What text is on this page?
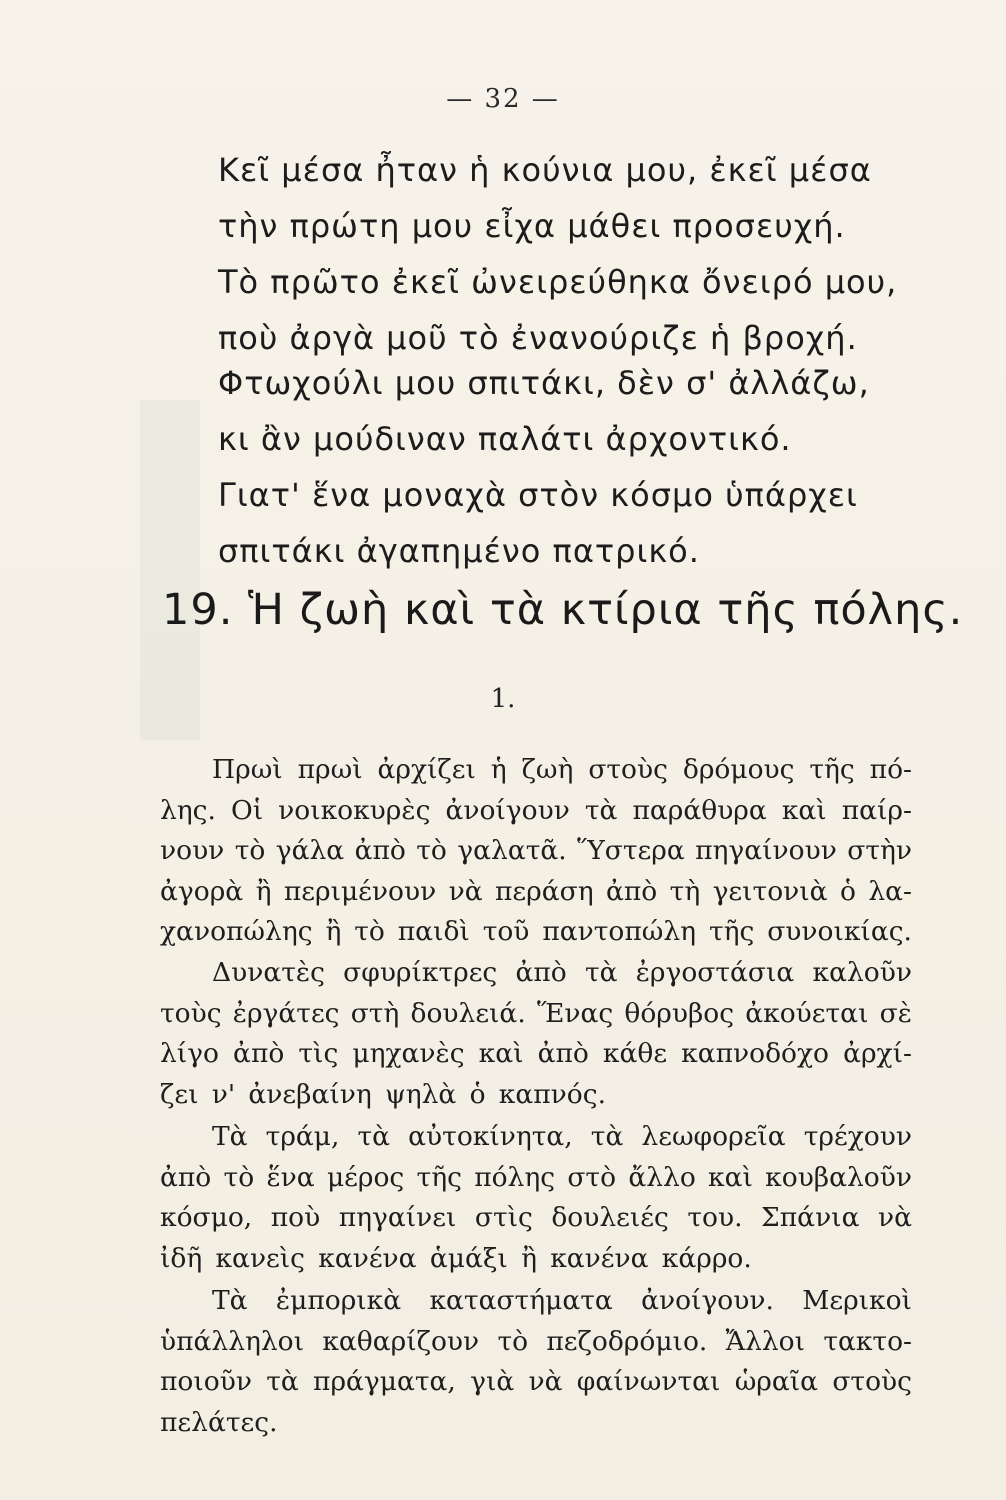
— 32 —
Κεῖ μέσα ἦταν ἡ κούνια μου, ἐκεῖ μέσα
τὴν πρώτη μου εἶχα μάθει προσευχή.
Τὸ πρῶτο ἐκεῖ ὠνειρεύθηκα ὄνειρό μου,
ποὺ ἀργὰ μοῦ τὸ ἐνανούριζε ἡ βροχή.
Φτωχούλι μου σπιτάκι, δὲν σ' ἀλλάζω,
κι ἂν μούδιναν παλάτι ἀρχοντικό.
Γιατ' ἕνα μοναχὰ στὸν κόσμο ὑπάρχει
σπιτάκι ἀγαπημένο πατρικό.
19. Ἡ ζωὴ καὶ τὰ κτίρια τῆς πόλης.
1.
Πρωὶ πρωὶ ἀρχίζει ἡ ζωὴ στοὺς δρόμους τῆς πό-
λης. Οἱ νοικοκυρὲς ἀνοίγουν τὰ παράθυρα καὶ παίρ-
νουν τὸ γάλα ἀπὸ τὸ γαλατᾶ. Ὕστερα πηγαίνουν στὴν
ἀγορὰ ἢ περιμένουν νὰ περάση ἀπὸ τὴ γειτονιὰ ὁ λα-
χανοπώλης ἢ τὸ παιδὶ τοῦ παντοπώλη τῆς συνοικίας.
Δυνατὲς σφυρίκτρες ἀπὸ τὰ ἐργοστάσια καλοῦν
τοὺς ἐργάτες στὴ δουλειά. Ἕνας θόρυβος ἀκούεται σὲ
λίγο ἀπὸ τὶς μηχανὲς καὶ ἀπὸ κάθε καπνοδόχο ἀρχί-
ζει ν' ἀνεβαίνη ψηλὰ ὁ καπνός.
Τὰ τράμ, τὰ αὐτοκίνητα, τὰ λεωφορεῖα τρέχουν
ἀπὸ τὸ ἕνα μέρος τῆς πόλης στὸ ἄλλο καὶ κουβαλοῦν
κόσμο, ποὺ πηγαίνει στὶς δουλειές του. Σπάνια νὰ
ἰδῆ κανεὶς κανένα ἁμάξι ἢ κανένα κάρρο.
Τὰ ἐμπορικὰ καταστήματα ἀνοίγουν. Μερικοὶ
ὑπάλληλοι καθαρίζουν τὸ πεζοδρόμιο. Ἄλλοι τακτο-
ποιοῦν τὰ πράγματα, γιὰ νὰ φαίνωνται ὡραῖα στοὺς
πελάτες.
